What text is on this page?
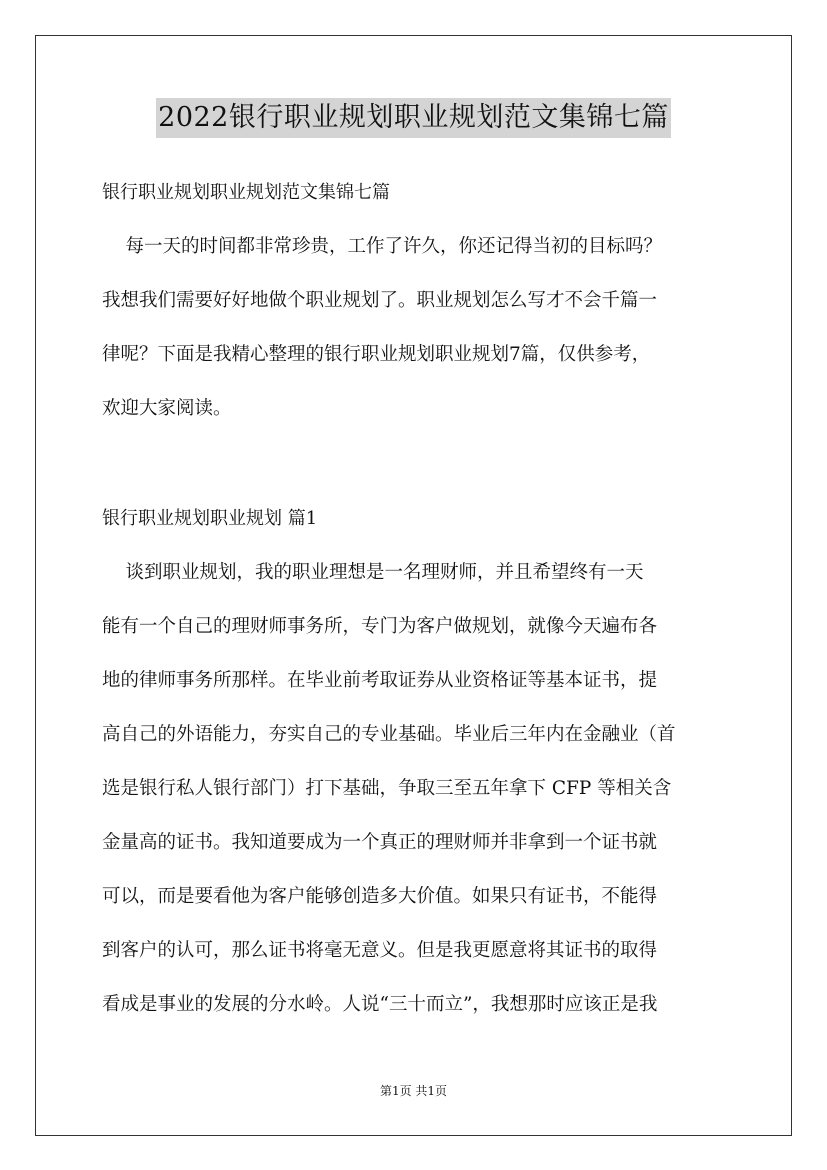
2022银行职业规划职业规划范文集锦七篇
银行职业规划职业规划范文集锦七篇
每一天的时间都非常珍贵，工作了许久，你还记得当初的目标吗？
我想我们需要好好地做个职业规划了。职业规划怎么写才不会千篇一
律呢？下面是我精心整理的银行职业规划职业规划7篇，仅供参考，
欢迎大家阅读。
银行职业规划职业规划 篇1
谈到职业规划，我的职业理想是一名理财师，并且希望终有一天
能有一个自己的理财师事务所，专门为客户做规划，就像今天遍布各
地的律师事务所那样。在毕业前考取证券从业资格证等基本证书，提
高自己的外语能力，夯实自己的专业基础。毕业后三年内在金融业（首
选是银行私人银行部门）打下基础，争取三至五年拿下 CFP 等相关含
金量高的证书。我知道要成为一个真正的理财师并非拿到一个证书就
可以，而是要看他为客户能够创造多大价值。如果只有证书，不能得
到客户的认可，那么证书将毫无意义。但是我更愿意将其证书的取得
看成是事业的发展的分水岭。人说“三十而立”，我想那时应该正是我
第1页 共1页
